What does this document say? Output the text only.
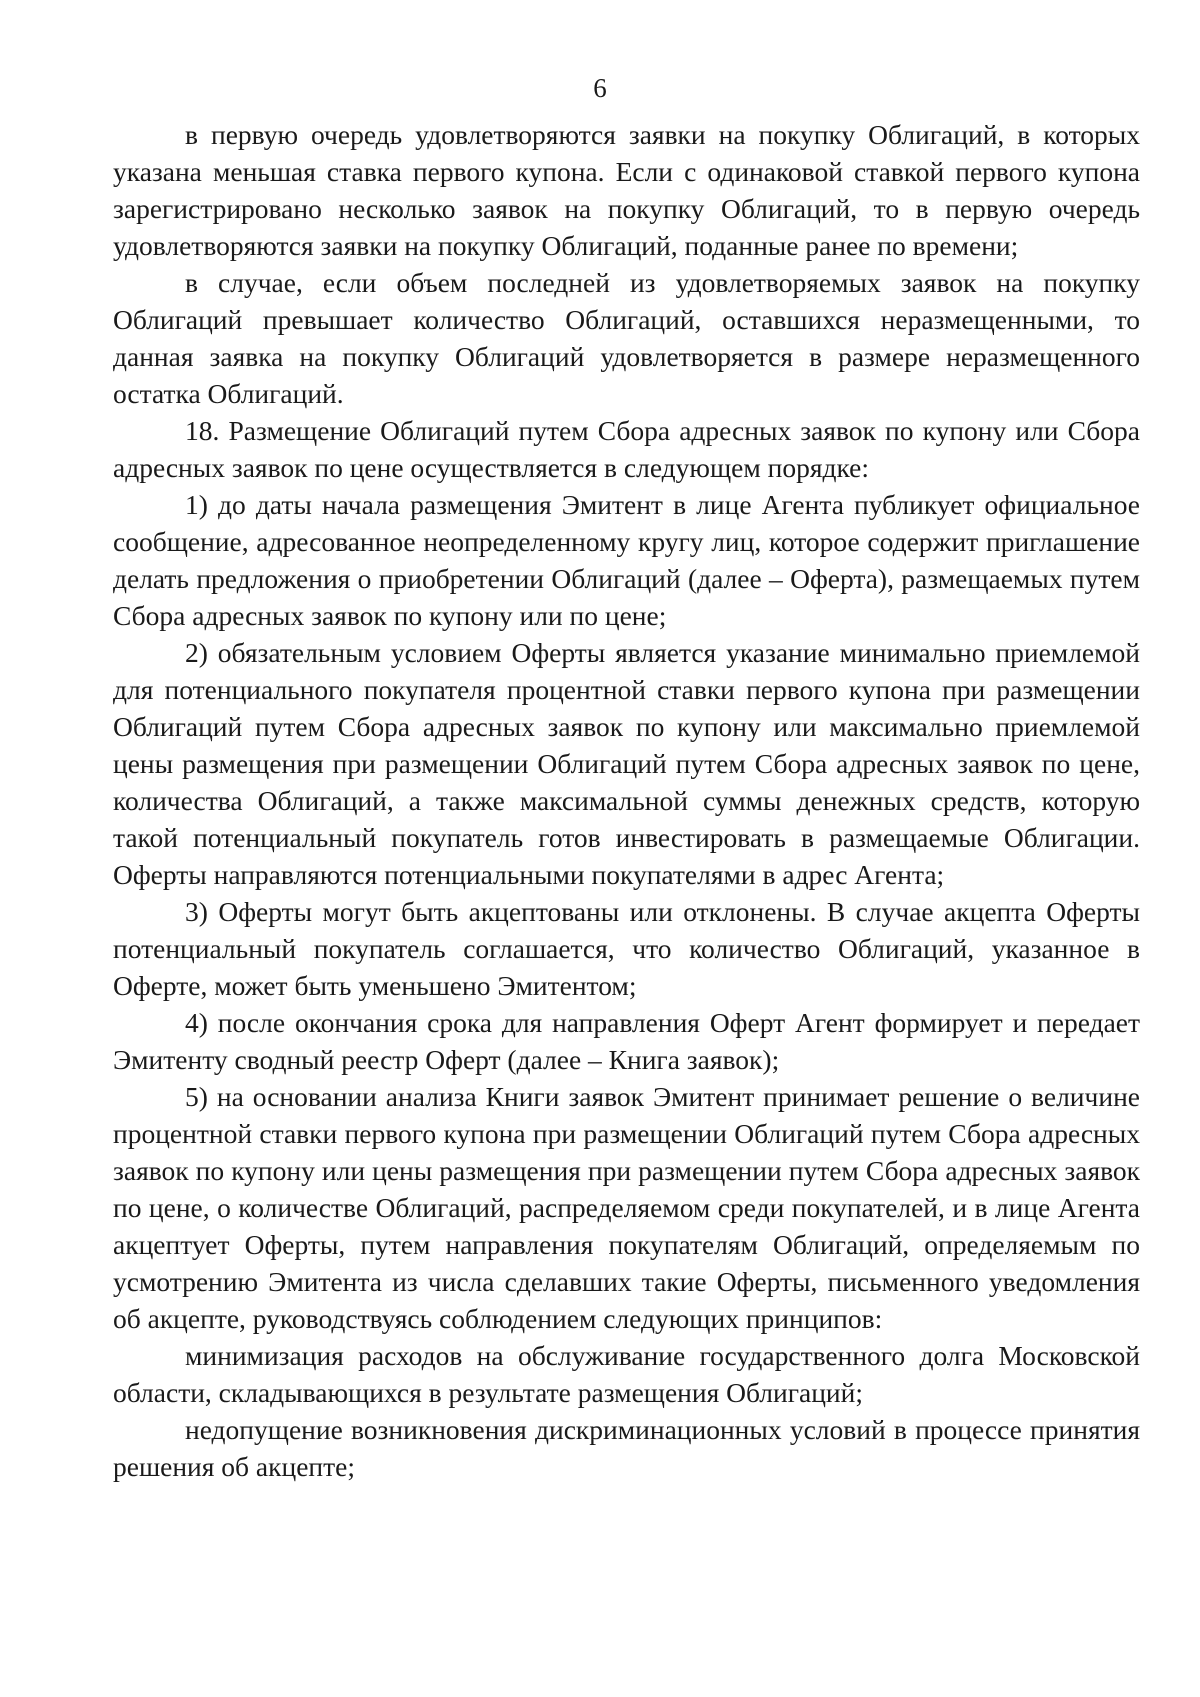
6

в первую очередь удовлетворяются заявки на покупку Облигаций, в которых указана меньшая ставка первого купона. Если с одинаковой ставкой первого купона зарегистрировано несколько заявок на покупку Облигаций, то в первую очередь удовлетворяются заявки на покупку Облигаций, поданные ранее по времени;

в случае, если объем последней из удовлетворяемых заявок на покупку Облигаций превышает количество Облигаций, оставшихся неразмещенными, то данная заявка на покупку Облигаций удовлетворяется в размере неразмещенного остатка Облигаций.

18. Размещение Облигаций путем Сбора адресных заявок по купону или Сбора адресных заявок по цене осуществляется в следующем порядке:

1) до даты начала размещения Эмитент в лице Агента публикует официальное сообщение, адресованное неопределенному кругу лиц, которое содержит приглашение делать предложения о приобретении Облигаций (далее – Оферта), размещаемых путем Сбора адресных заявок по купону или по цене;

2) обязательным условием Оферты является указание минимально приемлемой для потенциального покупателя процентной ставки первого купона при размещении Облигаций путем Сбора адресных заявок по купону или максимально приемлемой цены размещения при размещении Облигаций путем Сбора адресных заявок по цене, количества Облигаций, а также максимальной суммы денежных средств, которую такой потенциальный покупатель готов инвестировать в размещаемые Облигации. Оферты направляются потенциальными покупателями в адрес Агента;

3) Оферты могут быть акцептованы или отклонены. В случае акцепта Оферты потенциальный покупатель соглашается, что количество Облигаций, указанное в Оферте, может быть уменьшено Эмитентом;

4) после окончания срока для направления Оферт Агент формирует и передает Эмитенту сводный реестр Оферт (далее – Книга заявок);

5) на основании анализа Книги заявок Эмитент принимает решение о величине процентной ставки первого купона при размещении Облигаций путем Сбора адресных заявок по купону или цены размещения при размещении путем Сбора адресных заявок по цене, о количестве Облигаций, распределяемом среди покупателей, и в лице Агента акцептует Оферты, путем направления покупателям Облигаций, определяемым по усмотрению Эмитента из числа сделавших такие Оферты, письменного уведомления об акцепте, руководствуясь соблюдением следующих принципов:

минимизация расходов на обслуживание государственного долга Московской области, складывающихся в результате размещения Облигаций;

недопущение возникновения дискриминационных условий в процессе принятия решения об акцепте;
